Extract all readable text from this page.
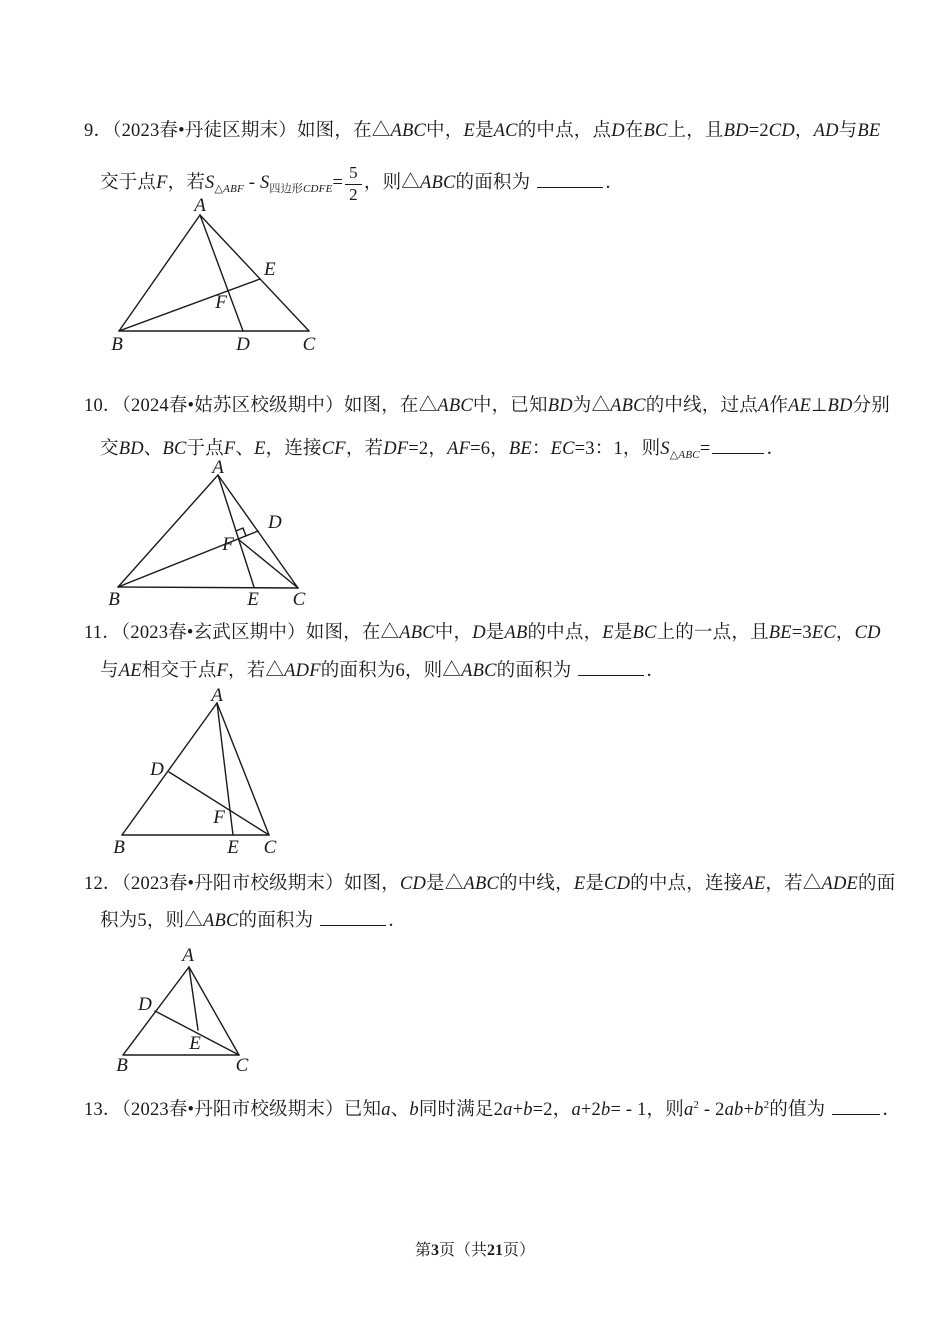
9．（2023春•丹徒区期末）如图，在△ABC中，E是AC的中点，点D在BC上，且BD=2CD，AD与BE
交于点F，若$S_{\triangle ABF} - S_{四边形CDFE}= \frac{5}{2}$ ，则△ABC的面积为	．
A
B	D	C
E
F
10．（2024春•姑苏区校级期中）如图，在△ABC中，已知BD为△ABC的中线，过点A作AE⊥BD分别
交BD、BC于点F、E，连接CF，若DF=2，AF=6，BE：EC=3：1，则$S_{\triangle ABC}=$	．
A
B	E C
D
F
11．（2023春•玄武区期中）如图，在△ABC中，D是AB的中点，E是BC上的一点，且BE=3EC，CD
与AE相交于点F，若△ADF的面积为6，则△ABC的面积为	．
A
B	E C
D
F
12．（2023春•丹阳市校级期末）如图，CD是△ABC的中线，E是CD的中点，连接AE，若△ADE的面
积为5，则△ABC的面积为	．
A
B	C
D
E
13．（2023春•丹阳市校级期末）已知a、b同时满足2a+b=2，a+2b= - 1，则$a^2 - 2ab+b^2$的值为	．
第3页（共21页）
